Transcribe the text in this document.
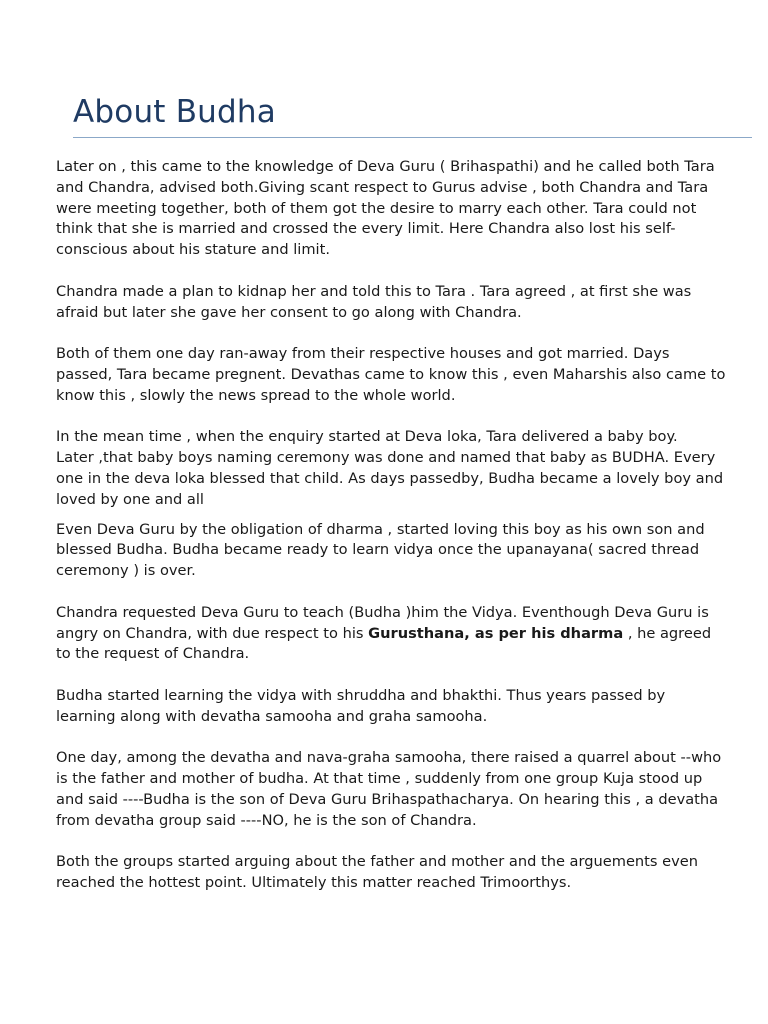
About Budha

Later on , this came to the knowledge of Deva Guru ( Brihaspathi) and he called both Tara
and Chandra, advised both.Giving scant respect to Gurus advise , both Chandra and Tara
were meeting together, both of them got the desire to marry each other. Tara could not
think that she is married and crossed the every limit. Here Chandra also lost his self-
conscious about his stature and limit.

Chandra made a plan to kidnap her and told this to Tara . Tara agreed , at first she was
afraid but later she gave her consent to go along with Chandra.

Both of them one day ran-away from their respective houses and got married. Days
passed, Tara became pregnent. Devathas came to know this , even Maharshis also came to
know this , slowly the news spread to the whole world.

In the mean time , when the enquiry started at Deva loka, Tara delivered a baby boy.
Later ,that baby boys naming ceremony was done and named that baby as BUDHA. Every
one in the deva loka blessed that child. As days passedby, Budha became a lovely boy and
loved by one and all

Even Deva Guru by the obligation of dharma , started loving this boy as his own son and
blessed Budha. Budha became ready to learn vidya once the upanayana( sacred thread
ceremony ) is over.

Chandra requested Deva Guru to teach (Budha )him the Vidya. Eventhough Deva Guru is
angry on Chandra, with due respect to his Gurusthana, as per his dharma , he agreed
to the request of Chandra.

Budha started learning the vidya with shruddha and bhakthi. Thus years passed by
learning along with devatha samooha and graha samooha.

One day, among the devatha and nava-graha samooha, there raised a quarrel about --who
is the father and mother of budha. At that time , suddenly from one group Kuja stood up
and said ----Budha is the son of Deva Guru Brihaspathacharya. On hearing this , a devatha
from devatha group said ----NO, he is the son of Chandra.

Both the groups started arguing about the father and mother and the arguements even
reached the hottest point. Ultimately this matter reached Trimoorthys.
